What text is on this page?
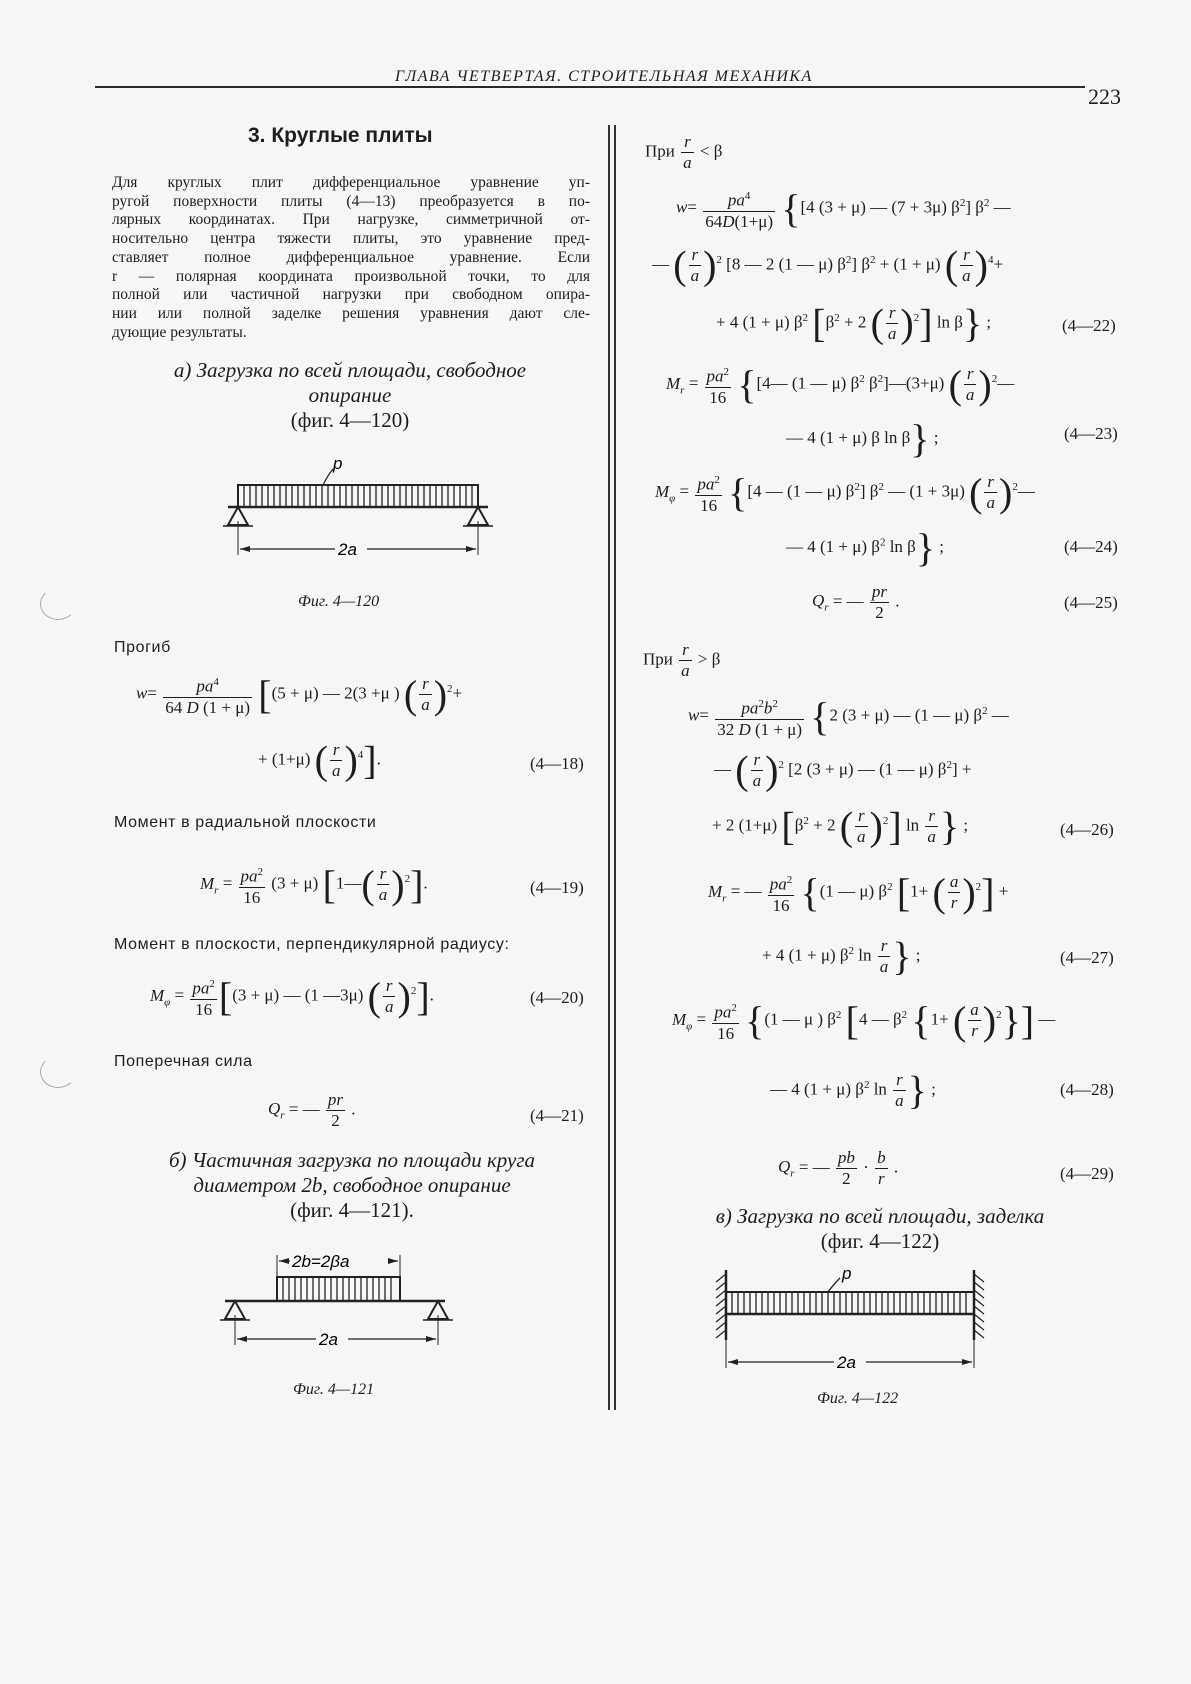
ГЛАВА ЧЕТВЕРТАЯ. СТРОИТЕЛЬНАЯ МЕХАНИКА
223
3. Круглые плиты
Для круглых плит дифференциальное уравнение уп-
ругой поверхности плиты (4—13) преобразуется в по-
лярных координатах. При нагрузке, симметричной от-
носительно центра тяжести плиты, это уравнение пред-
ставляет полное дифференциальное уравнение. Если
r — полярная координата произвольной точки, то для
полной или частичной нагрузки при свободном опира-
нии или полной заделке решения уравнения дают сле-
дующие результаты.
а) Загрузка по всей площади, свободное
опирание
(фиг. 4—120)
2a
p
Фиг. 4—120
Прогиб
$w= \frac{pa^4}{64 D (1 + \mu)} [(5 + \mu)$ — 2(3 +μ ) ( $\frac{r}{a} )^2+$
+ (1+μ) ( $\frac{r}{a} )^4$].	(4—18)
Момент в радиальной плоскости
$M_r = \frac{pa^2}{16} (3 + \mu)$ [1—( $\frac{r}{a} )^2$].	(4—19)
Момент в плоскости, перпендикулярной радиусу:
$M_\varphi = \frac{pa^2}{16} [(3 + \mu)$ — (1 —3μ) ( $\frac{r}{a} )^2$].	(4—20)
Поперечная сила
$Q_r$ = — $\frac{pr}{2}$ .	(4—21)
б) Частичная загрузка по площади круга
диаметром 2b, свободное опирание
(фиг. 4—121).
2b=2βa
2a
Фиг. 4—121
При $\frac{r}{a} < \beta$
$w= \frac{pa^4}{64D(1+\mu)} \{[4$ (3 + μ) — (7 + 3μ) $\beta^2$] $\beta^2$ —
— ( $\frac{r}{a} )^2$ [8 — 2 (1 — μ) $\beta^2$] $\beta^2 + (1 + \mu)$ ( $\frac{r}{a} )^4+$
+ 4 (1 + μ) $\beta^2$ [$\beta^2 + 2$ ( $\frac{r}{a} )^2$] ln β} ;	(4—22)
$M_r = \frac{pa^2}{16}$ {[4— (1 — μ) $\beta^2$ $\beta^2]—(3+\mu)$ ( $\frac{r}{a}$ )$^2$—
— 4 (1 + μ) β ln β} ;	(4—23)
$M_\varphi = \frac{pa^2}{16} \{[4$ — (1 — μ) $\beta^2$] $\beta^2$ — (1 + 3μ) ( $\frac{r}{a}$ )$^2$—
— 4 (1 + μ) $\beta^2$ ln β} ;	(4—24)
$Q_r$ = — $\frac{pr}{2}$ .	(4—25)
При $\frac{r}{a} > \beta$
$w= \frac{pa^2b^2}{32 D (1 + \mu)} \{2$ (3 + μ) — (1 — μ) $\beta^2$ —
— ( $\frac{r}{a} )^2$ [2 (3 + μ) — (1 — μ) $\beta^2$] +
+ 2 (1+μ) [$\beta^2 + 2$ ( $\frac{r}{a} )^2$] $\ln \frac{r}{a}$ } ;	(4—26)
$M_r$ = — $\frac{pa^2}{16} \{(1$ — μ) $\beta^2$ [1+ ( $\frac{a}{r} )^2$] +
+ 4 (1 + μ) $\beta^2$ $\ln \frac{r}{a}$ } ;	(4—27)
$M_\varphi = \frac{pa^2}{16} \{(1$ — μ ) $\beta^2$ [4 — $\beta^2$ {1+ ( $\frac{a}{r} )^2$}] —
— 4 (1 + μ) $\beta^2$ $\ln \frac{r}{a}$ } ;	(4—28)
$Q_r$ = — $\frac{pb}{2} \cdot \frac{b}{r}$ .	(4—29)
в) Загрузка по всей площади, заделка
(фиг. 4—122)
p
2a
Фиг. 4—122
